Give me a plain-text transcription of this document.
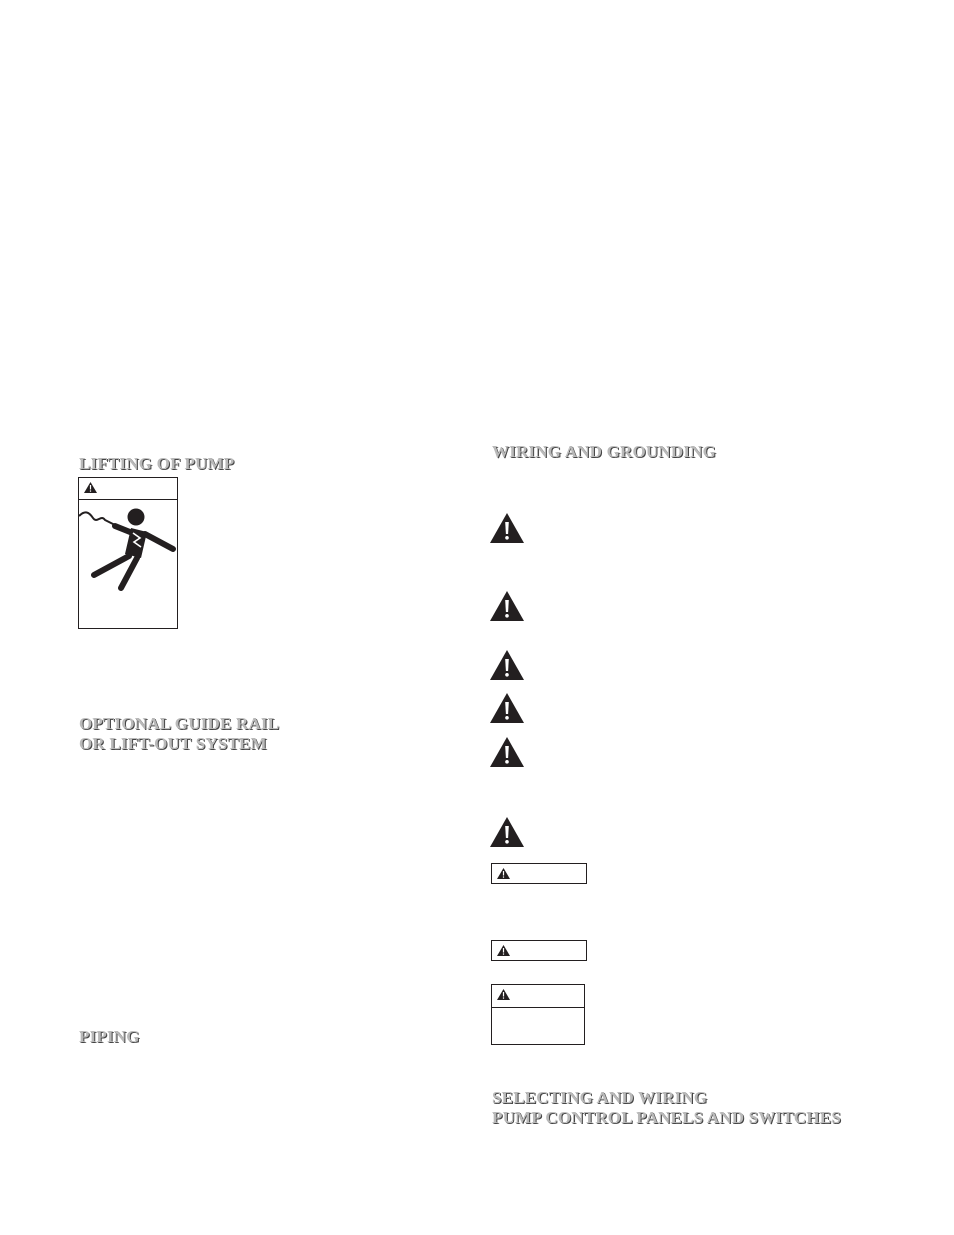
LIFTING OF PUMP
OPTIONAL GUIDE RAIL
OR LIFT-OUT SYSTEM
PIPING
WIRING AND GROUNDING
SELECTING AND WIRING
PUMP CONTROL PANELS AND SWITCHES
